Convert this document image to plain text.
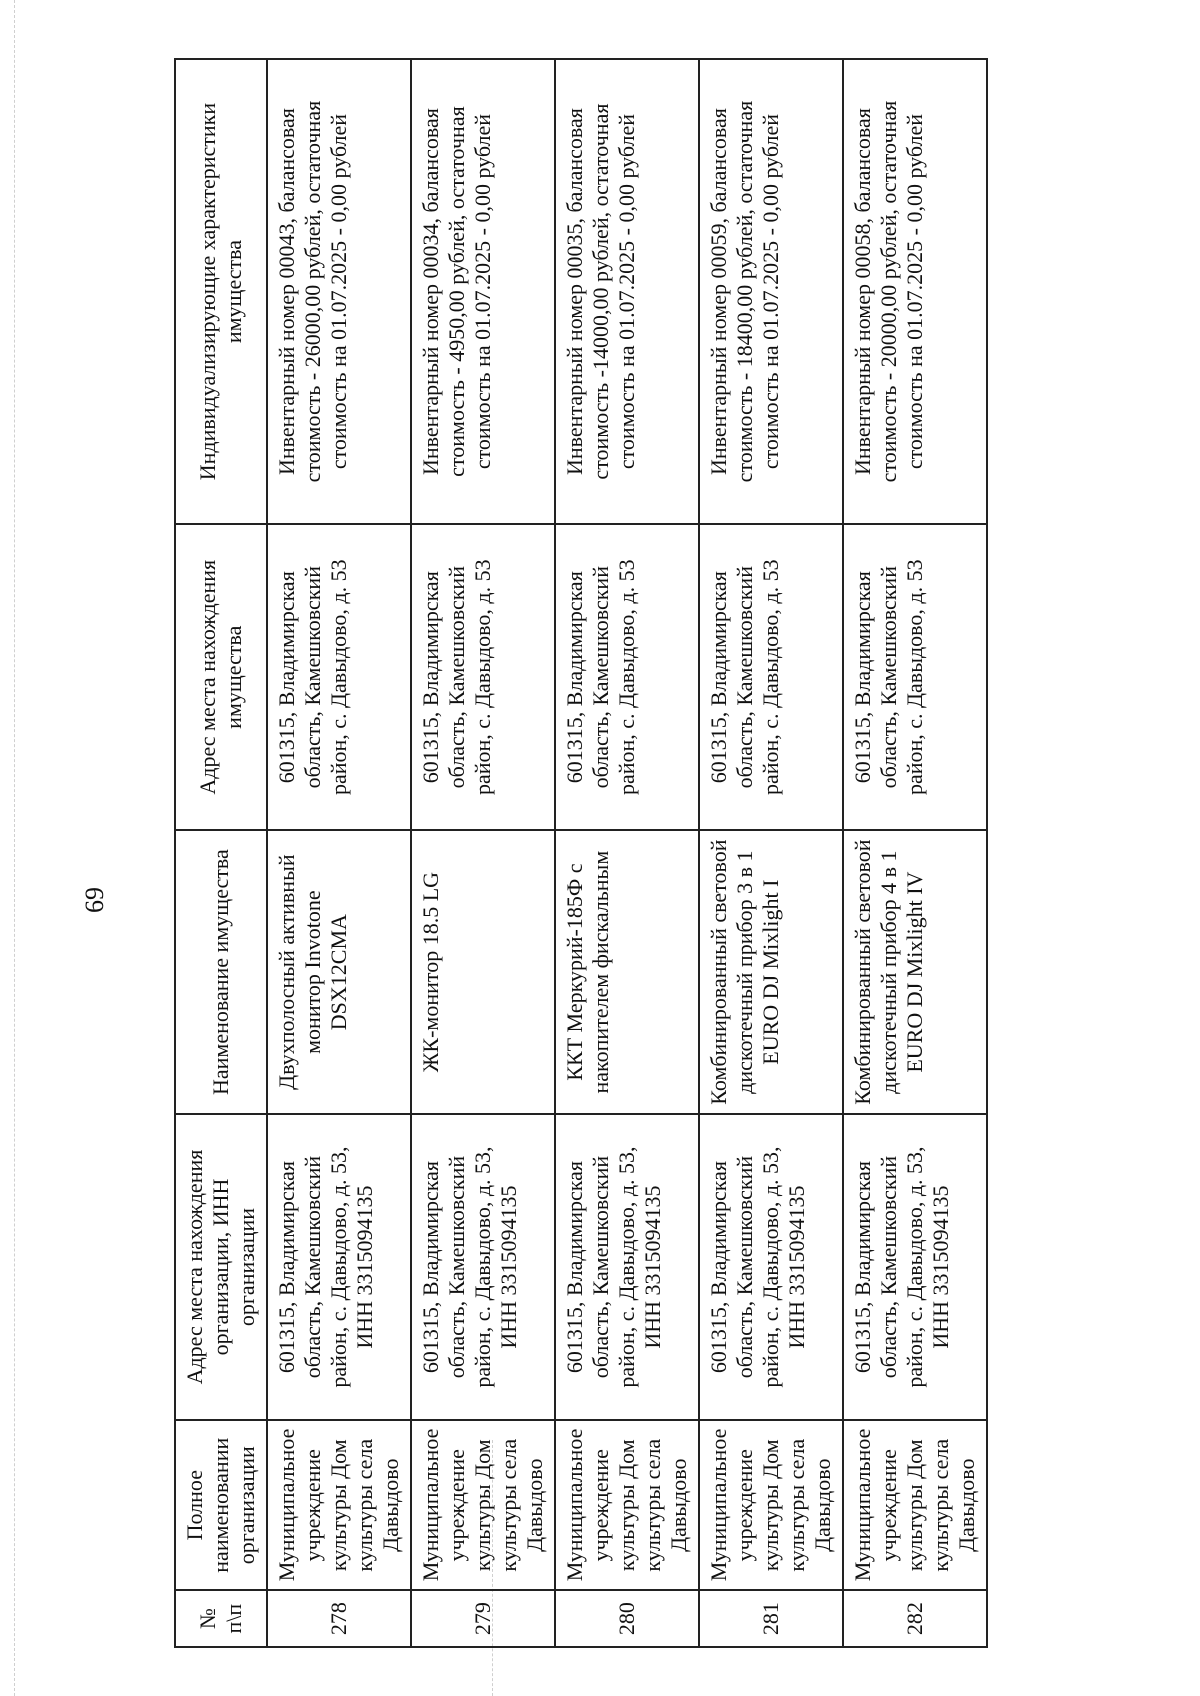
69
№ п\п	Полное наименовании организации	Адрес места нахождения организации, ИНН организации	Наименование имущества	Адрес места нахождения имущества	Индивидуализирующие характеристики имущества
278	Муниципальное учреждение культуры Дом культуры села Давыдово	601315, Владимирская область, Камешковский район, с. Давыдово, д. 53, ИНН 3315094135	Двухполосный активный монитор Invotone DSX12CMA	601315, Владимирская область, Камешковский район, с. Давыдово, д. 53	Инвентарный номер 00043, балансовая стоимость - 26000,00 рублей, остаточная стоимость на 01.07.2025 - 0,00 рублей
279	Муниципальное учреждение культуры Дом культуры села Давыдово	601315, Владимирская область, Камешковский район, с. Давыдово, д. 53, ИНН 3315094135	ЖК-монитор 18.5 LG	601315, Владимирская область, Камешковский район, с. Давыдово, д. 53	Инвентарный номер 00034, балансовая стоимость - 4950,00 рублей, остаточная стоимость на 01.07.2025 - 0,00 рублей
280	Муниципальное учреждение культуры Дом культуры села Давыдово	601315, Владимирская область, Камешковский район, с. Давыдово, д. 53, ИНН 3315094135	ККТ Меркурий-185Ф с накопителем фискальным	601315, Владимирская область, Камешковский район, с. Давыдово, д. 53	Инвентарный номер 00035, балансовая стоимость -14000,00 рублей, остаточная стоимость на 01.07.2025 - 0,00 рублей
281	Муниципальное учреждение культуры Дом культуры села Давыдово	601315, Владимирская область, Камешковский район, с. Давыдово, д. 53, ИНН 3315094135	Комбинированный световой дискотечный прибор 3 в 1 EURO DJ Mixlight I	601315, Владимирская область, Камешковский район, с. Давыдово, д. 53	Инвентарный номер 00059, балансовая стоимость - 18400,00 рублей, остаточная стоимость на 01.07.2025 - 0,00 рублей
282	Муниципальное учреждение культуры Дом культуры села Давыдово	601315, Владимирская область, Камешковский район, с. Давыдово, д. 53, ИНН 3315094135	Комбинированный световой дискотечный прибор 4 в 1 EURO DJ Mixlight IV	601315, Владимирская область, Камешковский район, с. Давыдово, д. 53	Инвентарный номер 00058, балансовая стоимость - 20000,00 рублей, остаточная стоимость на 01.07.2025 - 0,00 рублей
